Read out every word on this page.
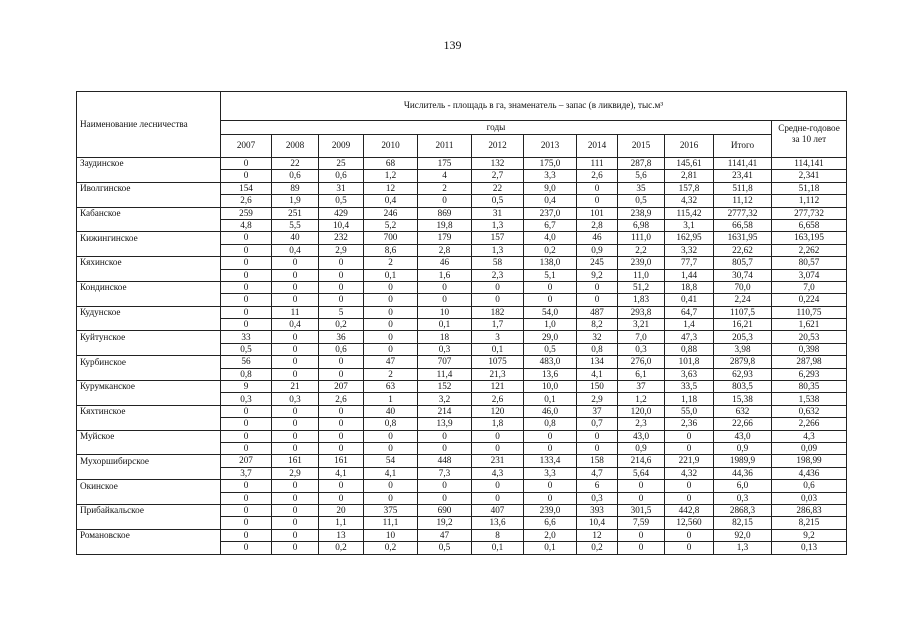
139
Наименование лесничества	Числитель - площадь в га, знаменатель – запас (в ликвиде), тыс.м³											
	годы											Средне-годовое за 10 лет
	2007	2008	2009	2010	2011	2012	2013	2014	2015	2016	Итого	
Заудинское	0	22	25	68	175	132	175,0	111	287,8	145,61	1141,41	114,141
	0	0,6	0,6	1,2	4	2,7	3,3	2,6	5,6	2,81	23,41	2,341
Иволгинское	154	89	31	12	2	22	9,0	0	35	157,8	511,8	51,18
	2,6	1,9	0,5	0,4	0	0,5	0,4	0	0,5	4,32	11,12	1,112
Кабанское	259	251	429	246	869	31	237,0	101	238,9	115,42	2777,32	277,732
	4,8	5,5	10,4	5,2	19,8	1,3	6,7	2,8	6,98	3,1	66,58	6,658
Кижингинское	0	40	232	700	179	157	4,0	46	111,0	162,95	1631,95	163,195
	0	0,4	2,9	8,6	2,8	1,3	0,2	0,9	2,2	3,32	22,62	2,262
Кяхинское	0	0	0	2	46	58	138,0	245	239,0	77,7	805,7	80,57
	0	0	0	0,1	1,6	2,3	5,1	9,2	11,0	1,44	30,74	3,074
Кондинское	0	0	0	0	0	0	0	0	51,2	18,8	70,0	7,0
	0	0	0	0	0	0	0	0	1,83	0,41	2,24	0,224
Кудунское	0	11	5	0	10	182	54,0	487	293,8	64,7	1107,5	110,75
	0	0,4	0,2	0	0,1	1,7	1,0	8,2	3,21	1,4	16,21	1,621
Куйтунское	33	0	36	0	18	3	29,0	32	7,0	47,3	205,3	20,53
	0,5	0	0,6	0	0,3	0,1	0,5	0,8	0,3	0,88	3,98	0,398
Курбинское	56	0	0	47	707	1075	483,0	134	276,0	101,8	2879,8	287,98
	0,8	0	0	2	11,4	21,3	13,6	4,1	6,1	3,63	62,93	6,293
Курумканское	9	21	207	63	152	121	10,0	150	37	33,5	803,5	80,35
	0,3	0,3	2,6	1	3,2	2,6	0,1	2,9	1,2	1,18	15,38	1,538
Кяхтинское	0	0	0	40	214	120	46,0	37	120,0	55,0	632	0,632
	0	0	0	0,8	13,9	1,8	0,8	0,7	2,3	2,36	22,66	2,266
Муйское	0	0	0	0	0	0	0	0	43,0	0	43,0	4,3
	0	0	0	0	0	0	0	0	0,9	0	0,9	0,09
Мухоршибирское	207	161	161	54	448	231	133,4	158	214,6	221,9	1989,9	198,99
	3,7	2,9	4,1	4,1	7,3	4,3	3,3	4,7	5,64	4,32	44,36	4,436
Окинское	0	0	0	0	0	0	0	6	0	0	6,0	0,6
	0	0	0	0	0	0	0	0,3	0	0	0,3	0,03
Прибайкальское	0	0	20	375	690	407	239,0	393	301,5	442,8	2868,3	286,83
	0	0	1,1	11,1	19,2	13,6	6,6	10,4	7,59	12,560	82,15	8,215
Романовское	0	0	13	10	47	8	2,0	12	0	0	92,0	9,2
	0	0	0,2	0,2	0,5	0,1	0,1	0,2	0	0	1,3	0,13
